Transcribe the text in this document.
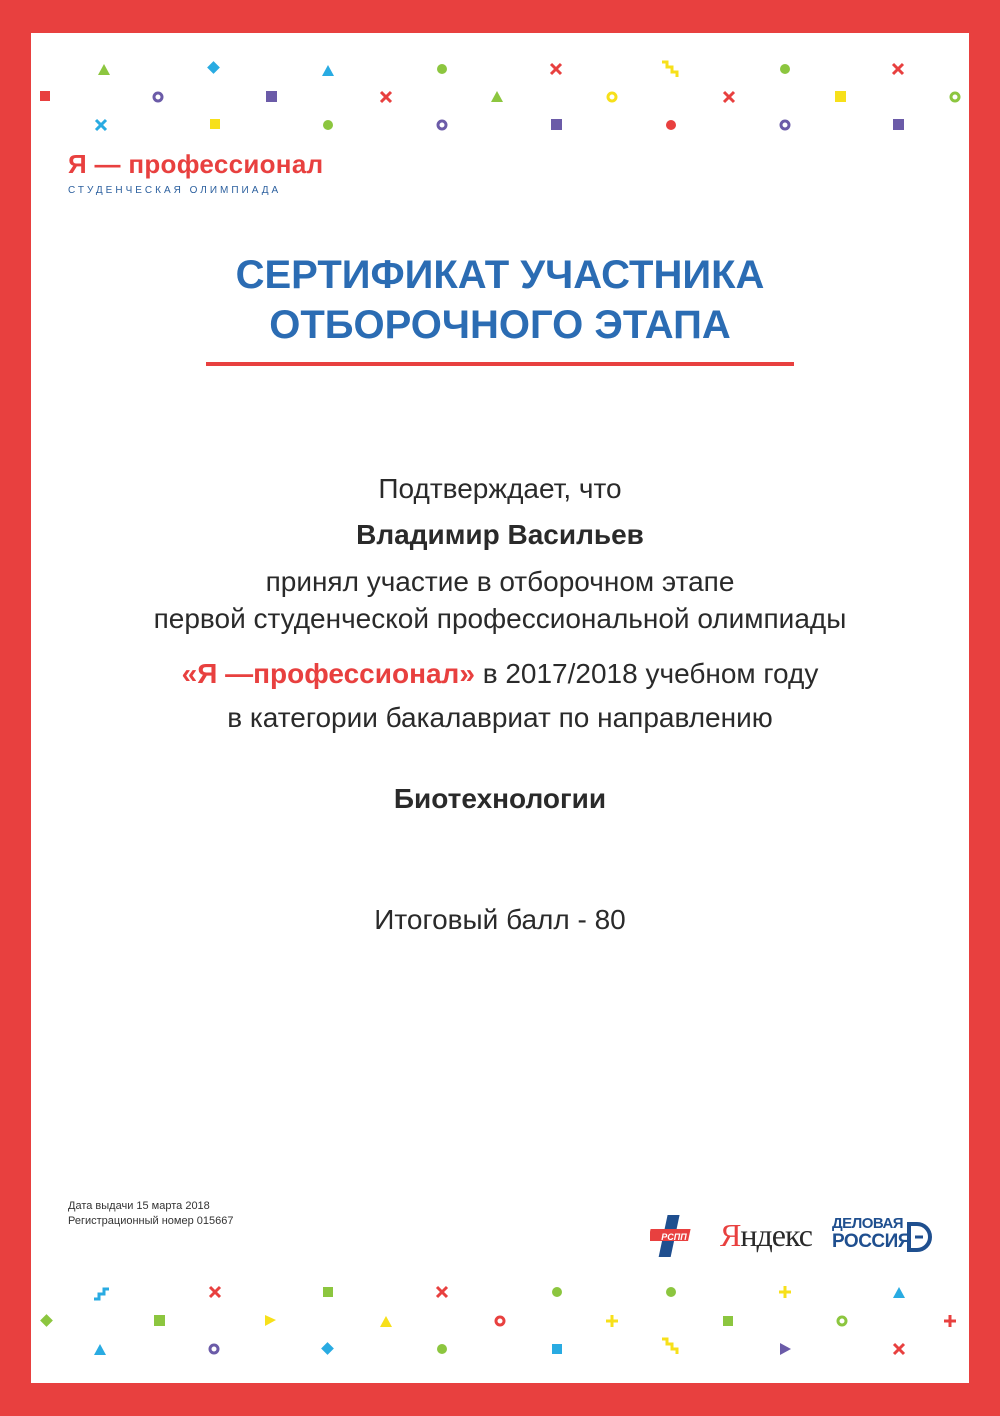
Я — профессионал
СТУДЕНЧЕСКАЯ ОЛИМПИАДА
СЕРТИФИКАТ УЧАСТНИКА
ОТБОРОЧНОГО ЭТАПА
Подтверждает, что
Владимир Васильев
принял участие в отборочном этапе
первой студенческой профессиональной олимпиады
«Я —профессионал» в 2017/2018 учебном году
в категории бакалавриат по направлению
Биотехнологии
Итоговый балл - 80
Дата выдачи 15 марта 2018
Регистрационный номер 015667
РСПП Яндекс ДЕЛОВАЯ
РОССИЯ
